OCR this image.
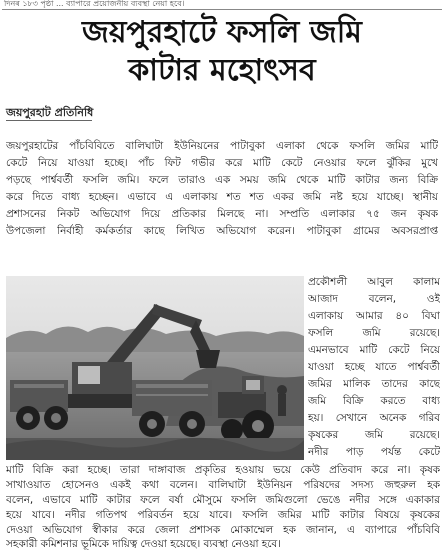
দিনৰ ১৮৩ পৃষ্ঠা ... ব্যাপারে প্রয়োজনীয় ব্যবস্থা নেয়া হবে।
জয়পুরহাটে ফসলি জমি
কাটার মহোৎসব
জয়পুরহাট প্রতিনিধি
জয়পুরহাটের পাঁচবিবিতে বালিঘাটা ইউনিয়নের পাটাবুকা এলাকা থেকে ফসলি জমির মাটি
কেটে নিয়ে যাওয়া হচ্ছে। পাঁচ ফিট গভীর করে মাটি কেটে নেওয়ার ফলে ঝুঁকির মুখে
পড়ছে পার্শ্ববর্তী ফসলি জমি। ফলে তারাও এক সময় জমি থেকে মাটি কাটার জন্য বিক্রি
করে দিতে বাধ্য হচ্ছেন। এভাবে এ এলাকায় শত শত একর জমি নষ্ট হয়ে যাচ্ছে। স্থানীয়
প্রশাসনের নিকট অভিযোগ দিয়ে প্রতিকার মিলছে না। সম্প্রতি এলাকার ৭৫ জন কৃষক
উপজেলা নির্বাহী কর্মকর্তার কাছে লিখিত অভিযোগ করেন। পাটাবুকা গ্রামের অবসরপ্রাপ্ত
প্রকৌশলী আবুল কালাম
আজাদ বলেন, ওই
এলাকায় আমার ৪০ বিঘা
ফসলি জমি রয়েছে।
এমনভাবে মাটি কেটে নিয়ে
যাওয়া হচ্ছে যাতে পার্শ্ববর্তী
জমির মালিক তাদের কাছে
জমি বিক্রি করতে বাধ্য
হয়। সেখানে অনেক গরিব
কৃষকের জমি রয়েছে।
নদীর পাড় পর্যন্ত কেটে
মাটি বিক্রি করা হচ্ছে। তারা দাঙ্গাবাজ প্রকৃতির হওয়ায় ভয়ে কেউ প্রতিবাদ করে না। কৃষক
সাখাওয়াত হোসেনও একই কথা বলেন। বালিঘাটা ইউনিয়ন পরিষদের সদস্য জহুরুল হক
বলেন, এভাবে মাটি কাটার ফলে বর্ষা মৌসুমে ফসলি জমিগুলো ভেঙে নদীর সঙ্গে একাকার
হয়ে যাবে। নদীর গতিপথ পরিবর্তন হয়ে যাবে। ফসলি জমির মাটি কাটার বিষয়ে কৃষকের
দেওয়া অভিযোগ স্বীকার করে জেলা প্রশাসক মোকাম্মেল হক জানান, এ ব্যাপারে পাঁচবিবি
সহকারী কমিশনার ভূমিকে দায়িত্ব দেওয়া হয়েছে। ব্যবস্থা নেওয়া হবে।
